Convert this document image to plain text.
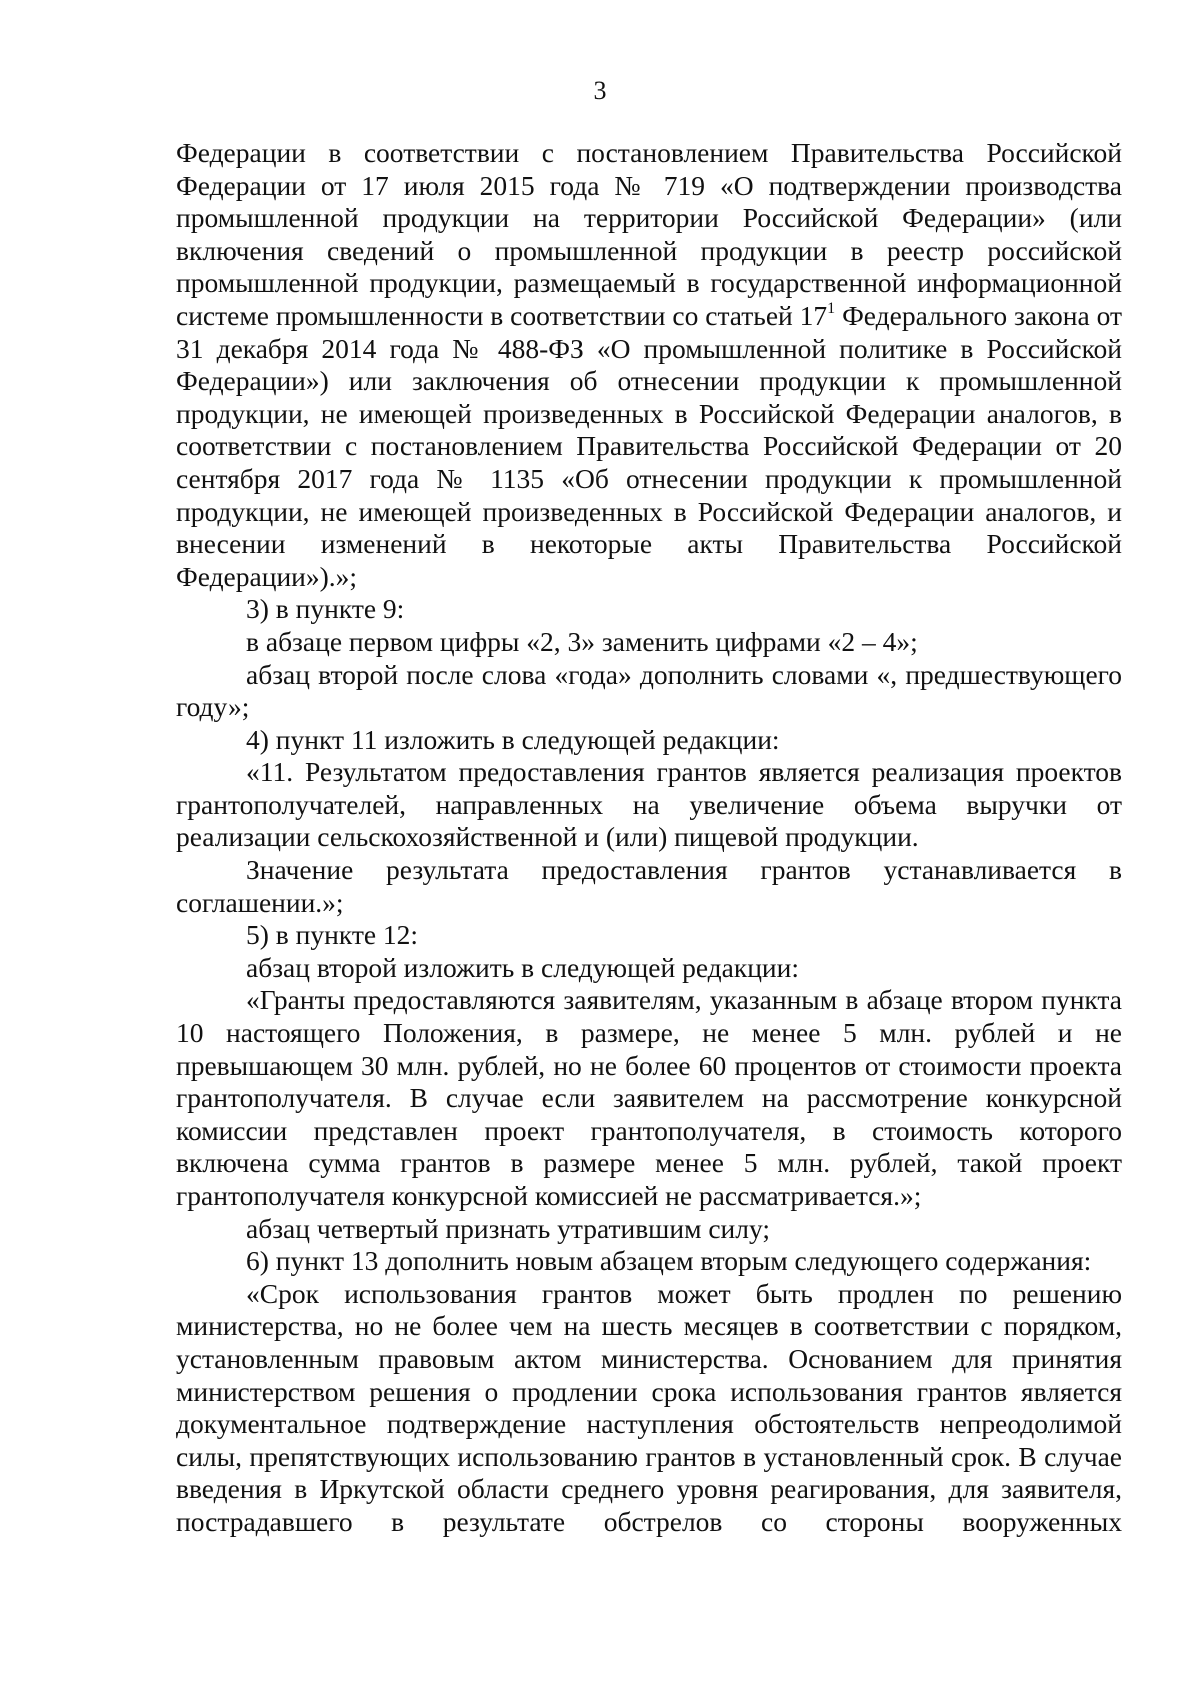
3

Федерации в соответствии с постановлением Правительства Российской Федерации от 17 июля 2015 года № 719 «О подтверждении производства промышленной продукции на территории Российской Федерации» (или включения сведений о промышленной продукции в реестр российской промышленной продукции, размещаемый в государственной информационной системе промышленности в соответствии со статьей $17^1$ Федерального закона от 31 декабря 2014 года № 488-ФЗ «О промышленной политике в Российской Федерации») или заключения об отнесении продукции к промышленной продукции, не имеющей произведенных в Российской Федерации аналогов, в соответствии с постановлением Правительства Российской Федерации от 20 сентября 2017 года № 1135 «Об отнесении продукции к промышленной продукции, не имеющей произведенных в Российской Федерации аналогов, и внесении изменений в некоторые акты Правительства Российской Федерации»).»;

3) в пункте 9:

в абзаце первом цифры «2, 3» заменить цифрами «2 – 4»;

абзац второй после слова «года» дополнить словами «, предшествующего году»;

4) пункт 11 изложить в следующей редакции:

«11. Результатом предоставления грантов является реализация проектов грантополучателей, направленных на увеличение объема выручки от реализации сельскохозяйственной и (или) пищевой продукции.

Значение результата предоставления грантов устанавливается в соглашении.»;

5) в пункте 12:

абзац второй изложить в следующей редакции:

«Гранты предоставляются заявителям, указанным в абзаце втором пункта 10 настоящего Положения, в размере, не менее 5 млн. рублей и не превышающем 30 млн. рублей, но не более 60 процентов от стоимости проекта грантополучателя. В случае если заявителем на рассмотрение конкурсной комиссии представлен проект грантополучателя, в стоимость которого включена сумма грантов в размере менее 5 млн. рублей, такой проект грантополучателя конкурсной комиссией не рассматривается.»;

абзац четвертый признать утратившим силу;

6) пункт 13 дополнить новым абзацем вторым следующего содержания:

«Срок использования грантов может быть продлен по решению министерства, но не более чем на шесть месяцев в соответствии с порядком, установленным правовым актом министерства. Основанием для принятия министерством решения о продлении срока использования грантов является документальное подтверждение наступления обстоятельств непреодолимой силы, препятствующих использованию грантов в установленный срок. В случае введения в Иркутской области среднего уровня реагирования, для заявителя, пострадавшего в результате обстрелов со стороны вооруженных
